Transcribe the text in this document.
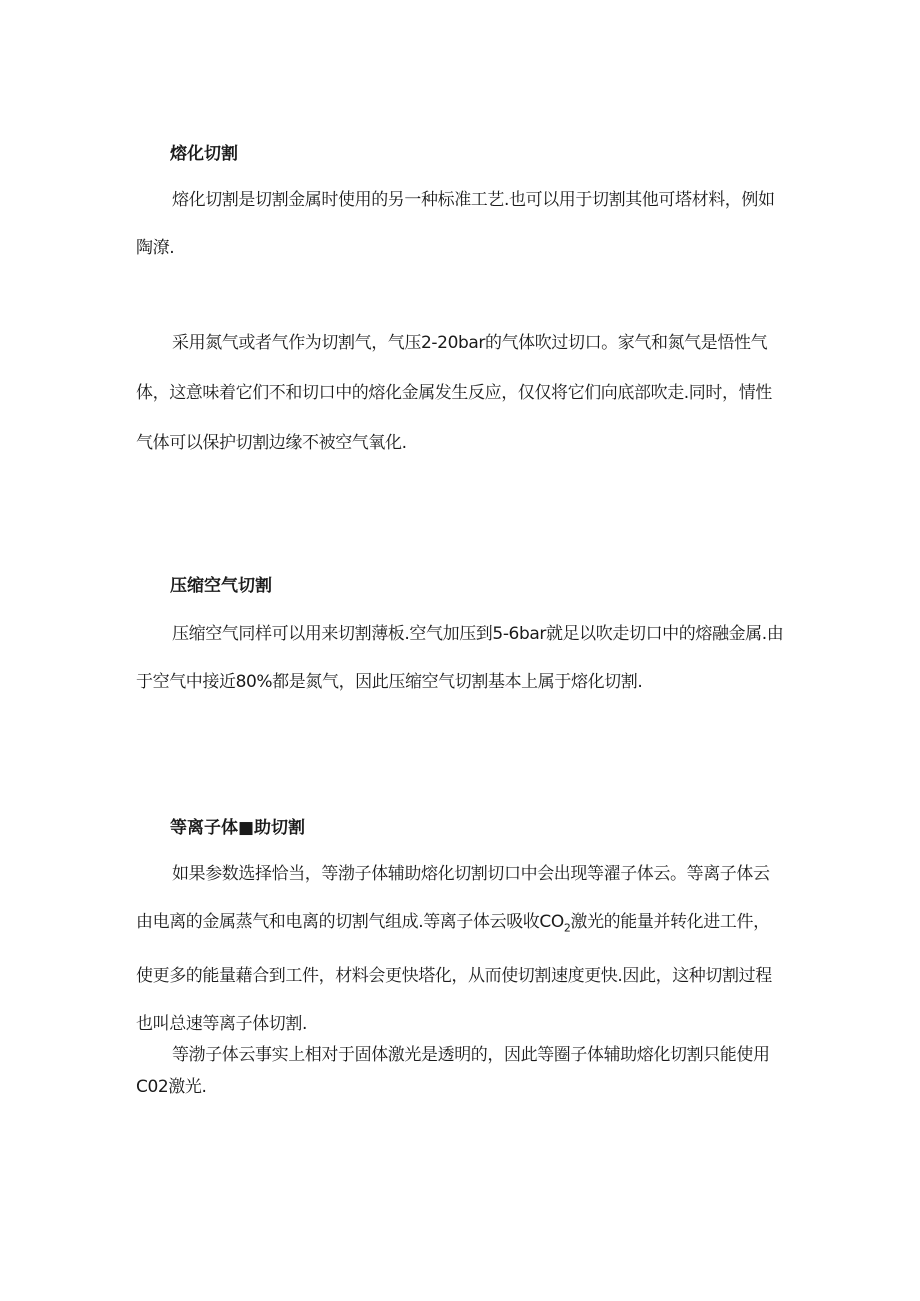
熔化切割

熔化切割是切割金属时使用的另一种标准工艺.也可以用于切割其他可塔材料，例如陶潦.

采用氮气或者气作为切割气，气压2-20bar的气体吹过切口。家气和氮气是悟性气体，这意味着它们不和切口中的熔化金属发生反应，仅仅将它们向底部吹走.同时，情性气体可以保护切割边缘不被空气氧化.

压缩空气切割

压缩空气同样可以用来切割薄板.空气加压到5-6bar就足以吹走切口中的熔融金属.由于空气中接近80%都是氮气，因此压缩空气切割基本上属于熔化切割.

等离子体■助切割

如果参数选择恰当，等渤子体辅助熔化切割切口中会出现等濯子体云。等离子体云由电离的金属蒸气和电离的切割气组成.等离子体云吸收$CO_2$激光的能量并转化进工件，使更多的能量藉合到工件，材料会更快塔化，从而使切割速度更快.因此，这种切割过程也叫总速等离子体切割.

等渤子体云事实上相对于固体激光是透明的，因此等圈子体辅助熔化切割只能使用
C02激光.
